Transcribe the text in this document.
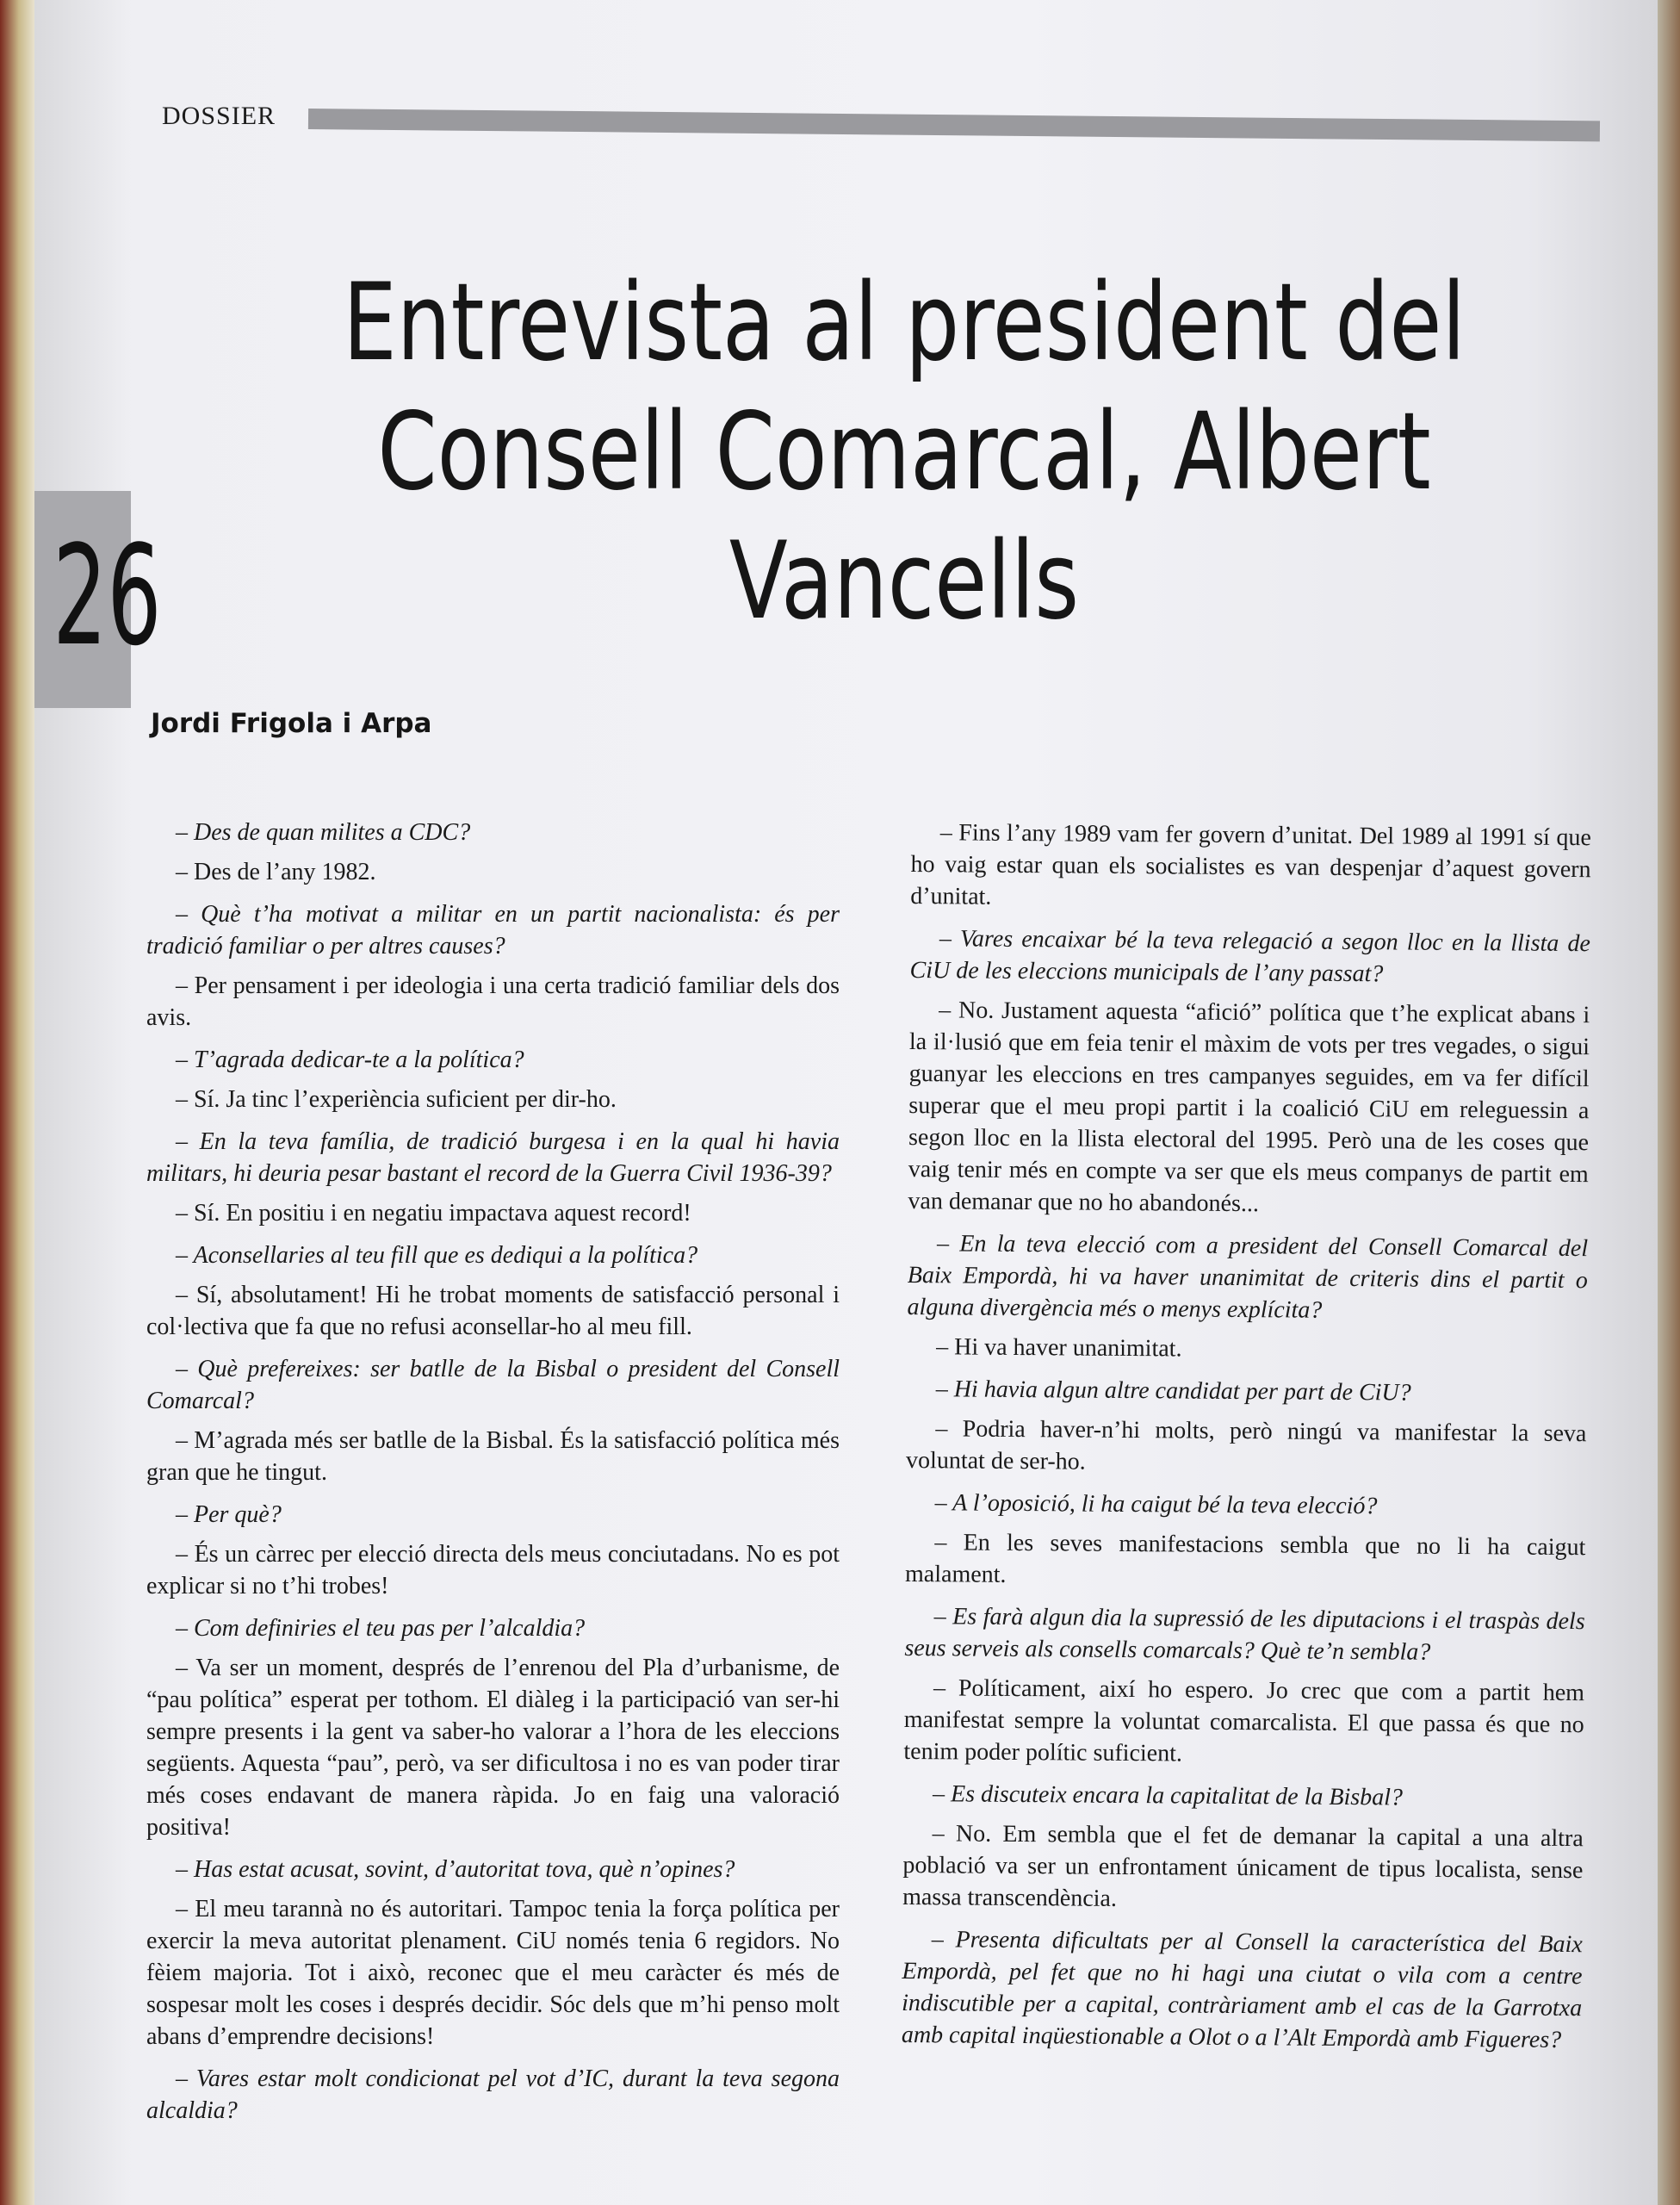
DOSSIER
26
Entrevista al president del
Consell Comarcal, Albert Vancells
Jordi Frigola i Arpa

– Des de quan milites a CDC?

– Des de l’any 1982.

– Què t’ha motivat a militar en un partit nacionalista: és per tradició familiar o per altres causes?

– Per pensament i per ideologia i una certa tradició familiar dels dos avis.

– T’agrada dedicar-te a la política?

– Sí. Ja tinc l’experiència suficient per dir-ho.

– En la teva família, de tradició burgesa i en la qual hi havia militars, hi deuria pesar bastant el record de la Guerra Civil 1936-39?

– Sí. En positiu i en negatiu impactava aquest record!

– Aconsellaries al teu fill que es dediqui a la política?

– Sí, absolutament! Hi he trobat moments de satisfacció personal i col·lectiva que fa que no refusi aconsellar-ho al meu fill.

– Què prefereixes: ser batlle de la Bisbal o president del Consell Comarcal?

– M’agrada més ser batlle de la Bisbal. És la satisfacció política més gran que he tingut.

– Per què?

– És un càrrec per elecció directa dels meus conciutadans. No es pot explicar si no t’hi trobes!

– Com definiries el teu pas per l’alcaldia?

– Va ser un moment, després de l’enrenou del Pla d’urbanisme, de “pau política” esperat per tothom. El diàleg i la participació van ser-hi sempre presents i la gent va saber-ho valorar a l’hora de les eleccions següents. Aquesta “pau”, però, va ser dificultosa i no es van poder tirar més coses endavant de manera ràpida. Jo en faig una valoració positiva!

– Has estat acusat, sovint, d’autoritat tova, què n’opines?

– El meu tarannà no és autoritari. Tampoc tenia la força política per exercir la meva autoritat plenament. CiU només tenia 6 regidors. No fèiem majoria. Tot i això, reconec que el meu caràcter és més de sospesar molt les coses i després decidir. Sóc dels que m’hi penso molt abans d’emprendre decisions!

– Vares estar molt condicionat pel vot d’IC, durant la teva segona alcaldia?

– Fins l’any 1989 vam fer govern d’unitat. Del 1989 al 1991 sí que ho vaig estar quan els socialistes es van despenjar d’aquest govern d’unitat.

– Vares encaixar bé la teva relegació a segon lloc en la llista de CiU de les eleccions municipals de l’any passat?

– No. Justament aquesta “afició” política que t’he explicat abans i la il·lusió que em feia tenir el màxim de vots per tres vegades, o sigui guanyar les eleccions en tres campanyes seguides, em va fer difícil superar que el meu propi partit i la coalició CiU em releguessin a segon lloc en la llista electoral del 1995. Però una de les coses que vaig tenir més en compte va ser que els meus companys de partit em van demanar que no ho abandonés...

– En la teva elecció com a president del Consell Comarcal del Baix Empordà, hi va haver unanimitat de criteris dins el partit o alguna divergència més o menys explícita?

– Hi va haver unanimitat.

– Hi havia algun altre candidat per part de CiU?

– Podria haver-n’hi molts, però ningú va manifestar la seva voluntat de ser-ho.

– A l’oposició, li ha caigut bé la teva elecció?

– En les seves manifestacions sembla que no li ha caigut malament.

– Es farà algun dia la supressió de les diputacions i el traspàs dels seus serveis als consells comarcals? Què te’n sembla?

– Políticament, així ho espero. Jo crec que com a partit hem manifestat sempre la voluntat comarcalista. El que passa és que no tenim poder polític suficient.

– Es discuteix encara la capitalitat de la Bisbal?

– No. Em sembla que el fet de demanar la capital a una altra població va ser un enfrontament únicament de tipus localista, sense massa transcendència.

– Presenta dificultats per al Consell la característica del Baix Empordà, pel fet que no hi hagi una ciutat o vila com a centre indiscutible per a capital, contràriament amb el cas de la Garrotxa amb capital inqüestionable a Olot o a l’Alt Empordà amb Figueres?
